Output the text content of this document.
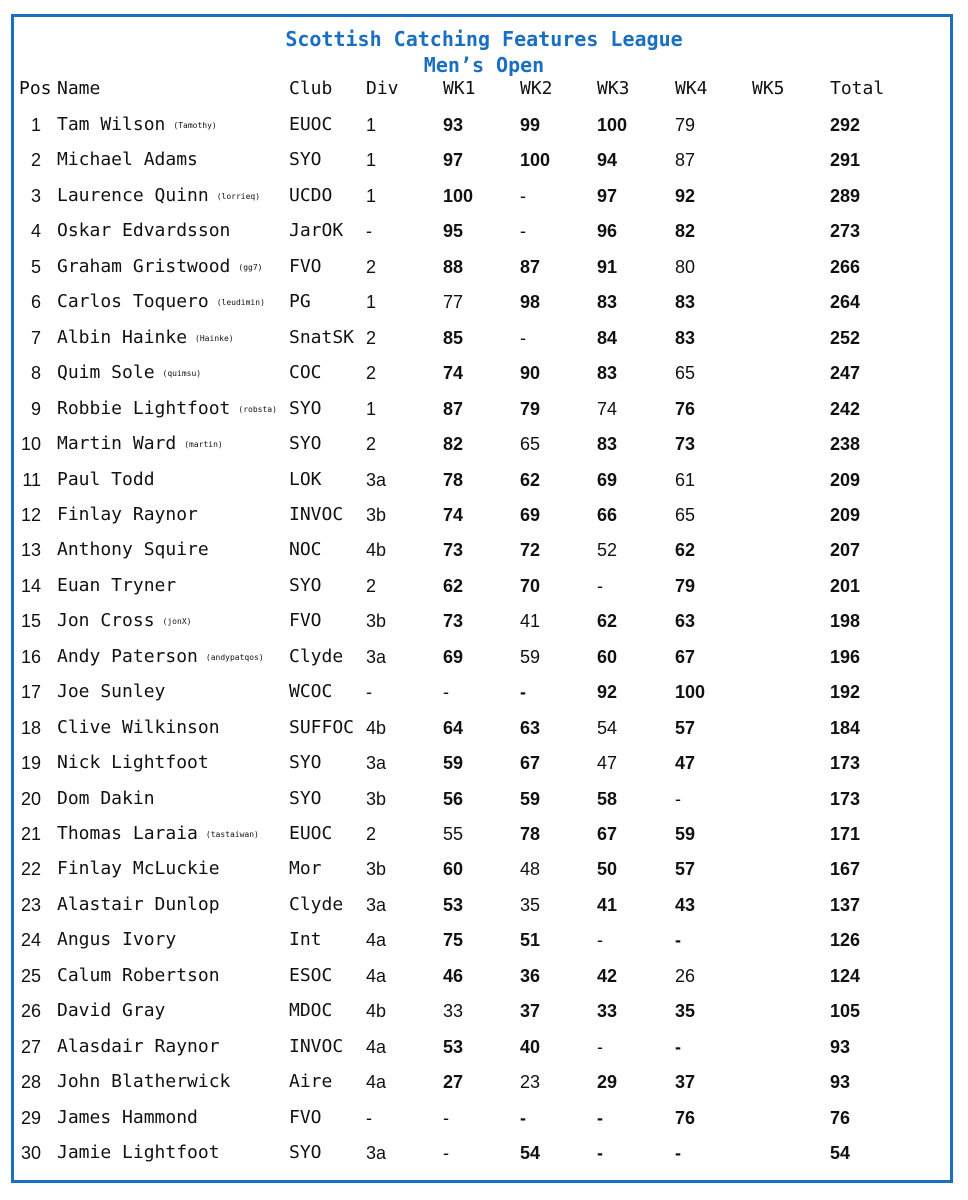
Scottish Catching Features League
Men’s Open
Pos Name	Club Div WK1 WK2 WK3	WK4 WK5	Total
1 Tam Wilson (Tamothy)	EUOC 1	93	99	100	79	292
2 Michael Adams	SYO 1	97	100	94	87	291
3 Laurence Quinn (lorrieq) UCDO 1	100	-	97	92	289
4 Oskar Edvardsson	JarOK -	95	-	96	82	273
5 Graham Gristwood (gg7) FVO 2	88	87	91	80	266
6 Carlos Toquero (leudimin) PG	1	77	98	83	83	264
7 Albin Hainke (Hainke)	SnatSK 2	85	-	84	83	252
8 Quim Sole (quimsu)	COC 2	74	90	83	65	247
9 Robbie Lightfoot (robsta) SYO 1	87	79	74	76	242
10 Martin Ward (martin)	SYO 2	82	65	83	73	238
11 Paul Todd	LOK 3a	78	62	69	61	209
12 Finlay Raynor	INVOC 3b	74	69	66	65	209
13 Anthony Squire	NOC 4b	73	72	52	62	207
14 Euan Tryner	SYO 2	62	70	-	79	201
15 Jon Cross (jonX)	FVO 3b	73	41	62	63	198
16 Andy Paterson (andypatqos) Clyde 3a	69	59	60	67	196
17 Joe Sunley	WCOC -	-	-	92	100	192
18 Clive Wilkinson	SUFFOC 4b	64	63	54	57	184
19 Nick Lightfoot	SYO 3a	59	67	47	47	173
20 Dom Dakin	SYO 3b	56	59	58	-	173
21 Thomas Laraia (tastaiwan) EUOC 2	55	78	67	59	171
22 Finlay McLuckie	Mor 3b	60	48	50	57	167
23 Alastair Dunlop	Clyde 3a	53	35	41	43	137
24 Angus Ivory	Int 4a	75	51	-	-	126
25 Calum Robertson	ESOC 4a	46	36	42	26	124
26 David Gray	MDOC 4b	33	37	33	35	105
27 Alasdair Raynor	INVOC 4a	53	40	-	-	93
28 John Blatherwick	Aire 4a	27	23	29	37	93
29 James Hammond	FVO -	-	-	-	76	76
30 Jamie Lightfoot	SYO 3a	-	54	-	-	54
